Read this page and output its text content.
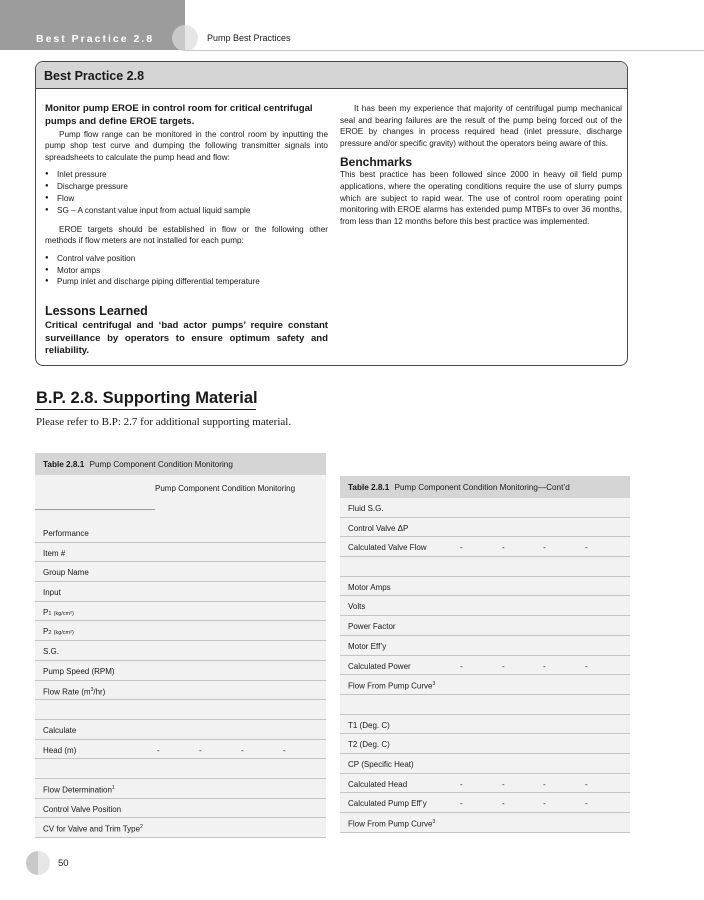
Best Practice 2.8	Pump Best Practices
Best Practice 2.8
Monitor pump EROE in control room for critical centrifugal pumps and define EROE targets.
Pump flow range can be monitored in the control room by inputting the pump shop test curve and dumping the following transmitter signals into spreadsheets to calculate the pump head and flow:
● Inlet pressure
● Discharge pressure
● Flow
● SG – A constant value input from actual liquid sample
EROE targets should be established in flow or the following other methods if flow meters are not installed for each pump:
● Control valve position
● Motor amps
● Pump inlet and discharge piping differential temperature
Lessons Learned
Critical centrifugal and ‘bad actor pumps’ require constant surveillance by operators to ensure optimum safety and reliability.
It has been my experience that majority of centrifugal pump mechanical seal and bearing failures are the result of the pump being forced out of the EROE by changes in process required head (inlet pressure, discharge pressure and/or specific gravity) without the operators being aware of this.
Benchmarks
This best practice has been followed since 2000 in heavy oil field pump applications, where the operating conditions require the use of slurry pumps which are subject to rapid wear. The use of control room operating point monitoring with EROE alarms has extended pump MTBFs to over 36 months, from less than 12 months before this best practice was implemented.
B.P. 2.8. Supporting Material
Please refer to B.P: 2.7 for additional supporting material.
Table 2.8.1 Pump Component Condition Monitoring
Pump Component Condition Monitoring
Performance
Item #
Group Name
Input
P1 (kg/cm²)
P2 (kg/cm²)
S.G.
Pump Speed (RPM)
Flow Rate $(m^3/hr)$
Calculate
Head (m)	-	-	-	-
Flow Determination$^1$
Control Valve Position
CV for Valve and Trim Type$^2$
Table 2.8.1 Pump Component Condition Monitoring—Cont’d
Fluid S.G.
Control Valve ΔP
Calculated Valve Flow	-	-	-	-
Motor Amps
Volts
Power Factor
Motor Eff’y
Calculated Power	-	-	-	-
Flow From Pump Curve$^3$
T1 (Deg. C)
T2 (Deg. C)
CP (Specific Heat)
Calculated Head	-	-	-	-
Calculated Pump Eff’y	-	-	-	-
Flow From Pump Curve$^3$
50
